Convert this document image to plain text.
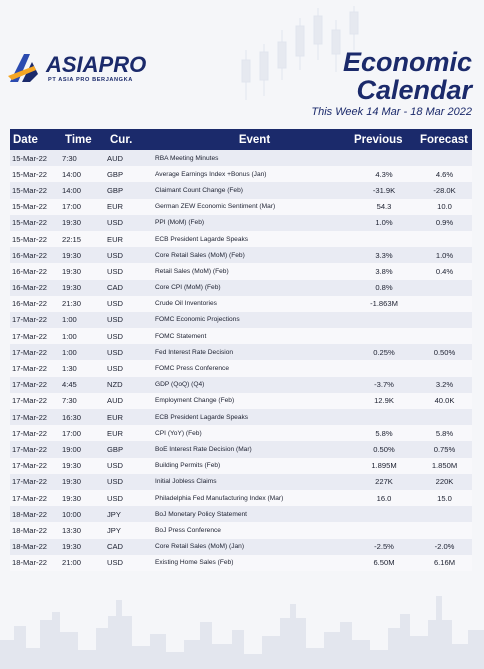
ASIAPRO
PT ASIA PRO BERJANGKA
Economic
Calendar
This Week 14 Mar - 18 Mar 2022
Date	Time	Cur.	Event	Previous	Forecast
15-Mar-22	7:30	AUD	RBA Meeting Minutes		
15-Mar-22	14:00	GBP	Average Earnings Index +Bonus (Jan)	4.3%	4.6%
15-Mar-22	14:00	GBP	Claimant Count Change (Feb)	-31.9K	-28.0K
15-Mar-22	17:00	EUR	German ZEW Economic Sentiment (Mar)	54.3	10.0
15-Mar-22	19:30	USD	PPI (MoM) (Feb)	1.0%	0.9%
15-Mar-22	22:15	EUR	ECB President Lagarde Speaks		
16-Mar-22	19:30	USD	Core Retail Sales (MoM) (Feb)	3.3%	1.0%
16-Mar-22	19:30	USD	Retail Sales (MoM) (Feb)	3.8%	0.4%
16-Mar-22	19:30	CAD	Core CPI (MoM) (Feb)	0.8%	
16-Mar-22	21:30	USD	Crude Oil Inventories	-1.863M	
17-Mar-22	1:00	USD	FOMC Economic Projections		
17-Mar-22	1:00	USD	FOMC Statement		
17-Mar-22	1:00	USD	Fed Interest Rate Decision	0.25%	0.50%
17-Mar-22	1:30	USD	FOMC Press Conference		
17-Mar-22	4:45	NZD	GDP (QoQ) (Q4)	-3.7%	3.2%
17-Mar-22	7:30	AUD	Employment Change (Feb)	12.9K	40.0K
17-Mar-22	16:30	EUR	ECB President Lagarde Speaks		
17-Mar-22	17:00	EUR	CPI (YoY) (Feb)	5.8%	5.8%
17-Mar-22	19:00	GBP	BoE Interest Rate Decision (Mar)	0.50%	0.75%
17-Mar-22	19:30	USD	Building Permits (Feb)	1.895M	1.850M
17-Mar-22	19:30	USD	Initial Jobless Claims	227K	220K
17-Mar-22	19:30	USD	Philadelphia Fed Manufacturing Index (Mar)	16.0	15.0
18-Mar-22	10:00	JPY	BoJ Monetary Policy Statement		
18-Mar-22	13:30	JPY	BoJ Press Conference		
18-Mar-22	19:30	CAD	Core Retail Sales (MoM) (Jan)	-2.5%	-2.0%
18-Mar-22	21:00	USD	Existing Home Sales (Feb)	6.50M	6.16M
